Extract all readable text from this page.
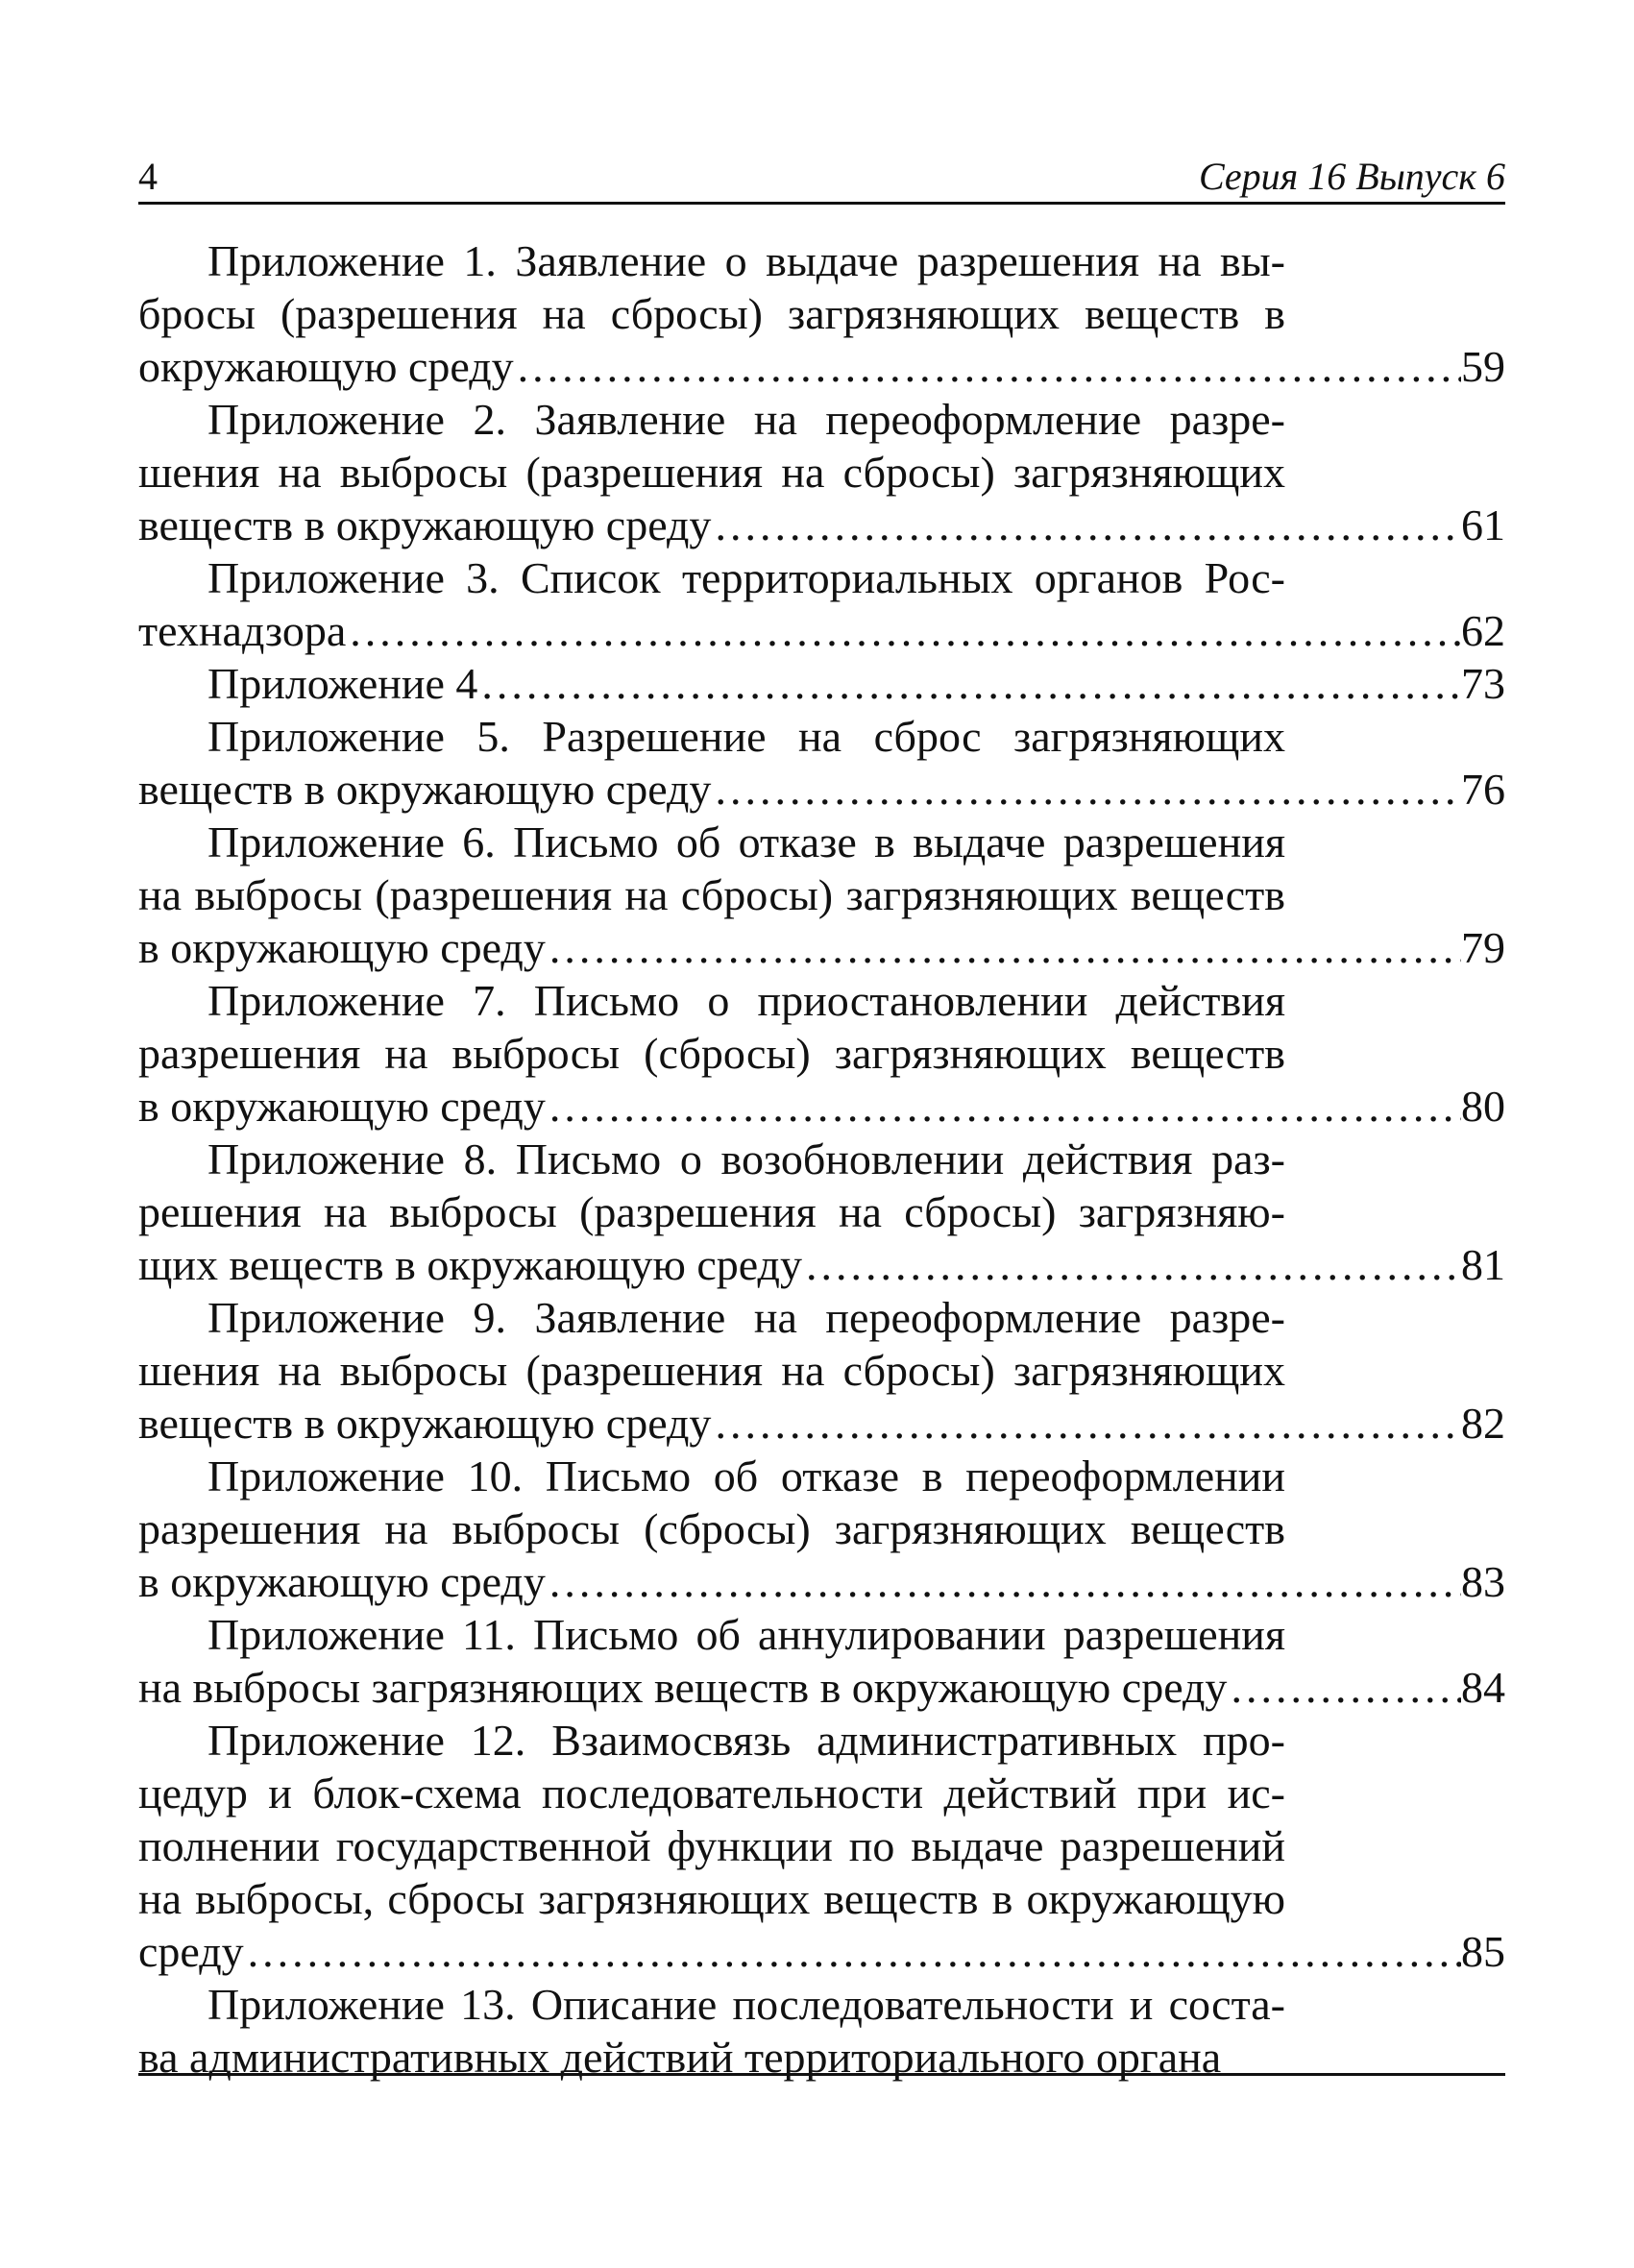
4	Серия 16 Выпуск 6
Приложение 1. Заявление о выдаче разрешения на вы-
бросы (разрешения на сбросы) загрязняющих веществ в
окружающую среду .....	59
Приложение 2. Заявление на переоформление разре-
шения на выбросы (разрешения на сбросы) загрязняющих
веществ в окружающую среду .....	61
Приложение 3. Список территориальных органов Рос-
технадзора .....	62
Приложение 4 .....	73
Приложение 5. Разрешение на сброс загрязняющих
веществ в окружающую среду .....	76
Приложение 6. Письмо об отказе в выдаче разрешения
на выбросы (разрешения на сбросы) загрязняющих веществ
в окружающую среду .....	79
Приложение 7. Письмо о приостановлении действия
разрешения на выбросы (сбросы) загрязняющих веществ
в окружающую среду .....	80
Приложение 8. Письмо о возобновлении действия раз-
решения на выбросы (разрешения на сбросы) загрязняю-
щих веществ в окружающую среду .....	81
Приложение 9. Заявление на переоформление разре-
шения на выбросы (разрешения на сбросы) загрязняющих
веществ в окружающую среду .....	82
Приложение 10. Письмо об отказе в переоформлении
разрешения на выбросы (сбросы) загрязняющих веществ
в окружающую среду .....	83
Приложение 11. Письмо об аннулировании разрешения
на выбросы загрязняющих веществ в окружающую среду .....	84
Приложение 12. Взаимосвязь административных про-
цедур и блок-схема последовательности действий при ис-
полнении государственной функции по выдаче разрешений
на выбросы, сбросы загрязняющих веществ в окружающую
среду .....	85
Приложение 13. Описание последовательности и соста-
ва административных действий территориального органа
